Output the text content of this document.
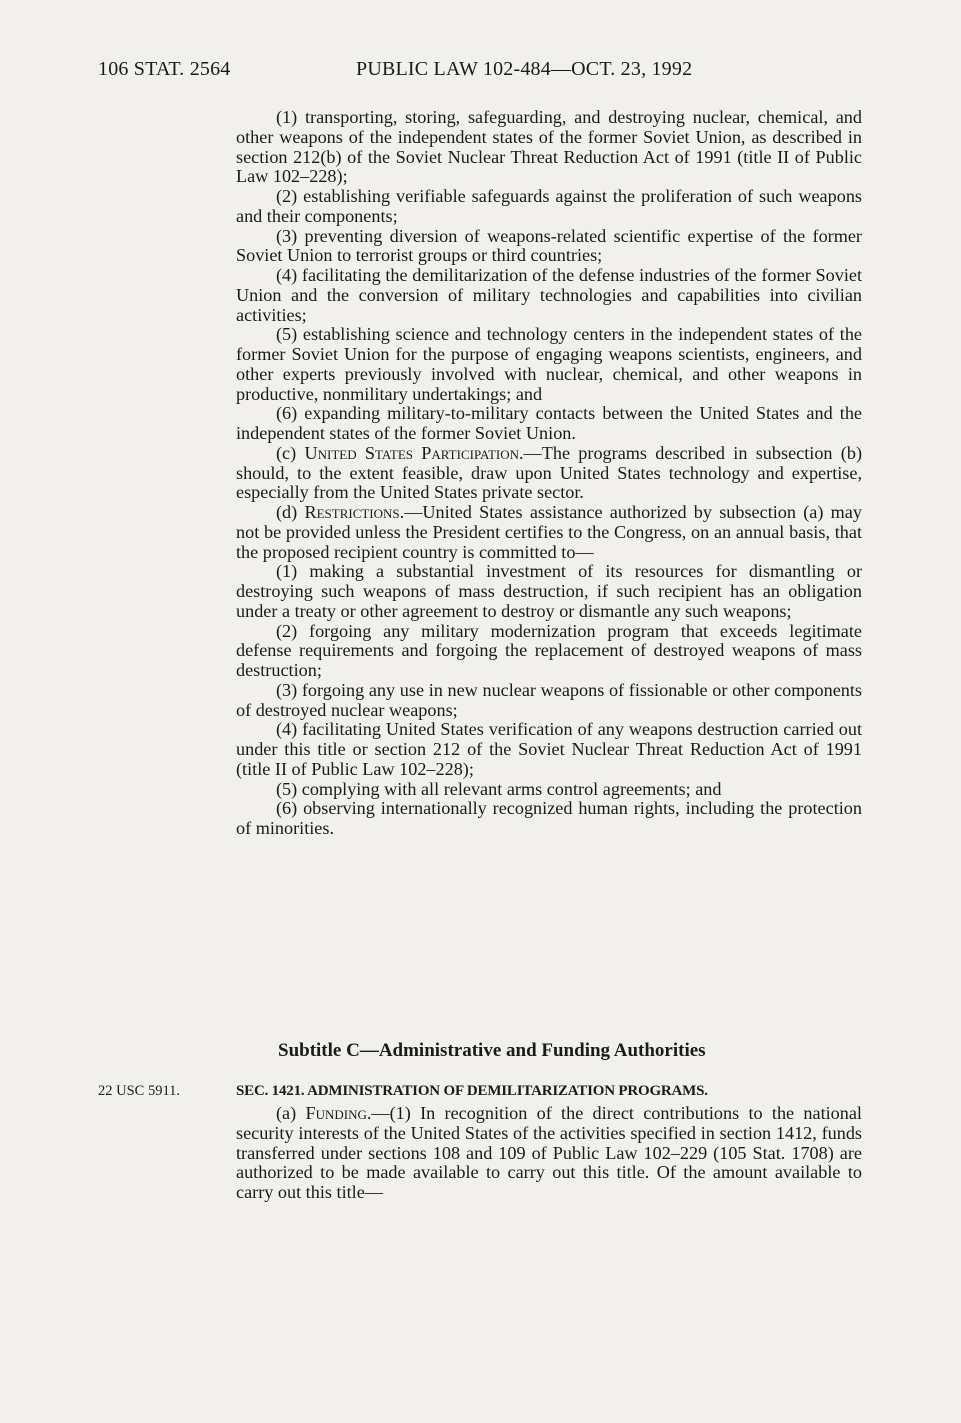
106 STAT. 2564	PUBLIC LAW 102-484—OCT. 23, 1992

(1) transporting, storing, safeguarding, and destroying nuclear, chemical, and other weapons of the independent states of the former Soviet Union, as described in section 212(b) of the Soviet Nuclear Threat Reduction Act of 1991 (title II of Public Law 102–228);

(2) establishing verifiable safeguards against the proliferation of such weapons and their components;

(3) preventing diversion of weapons-related scientific expertise of the former Soviet Union to terrorist groups or third countries;

(4) facilitating the demilitarization of the defense industries of the former Soviet Union and the conversion of military technologies and capabilities into civilian activities;

(5) establishing science and technology centers in the independent states of the former Soviet Union for the purpose of engaging weapons scientists, engineers, and other experts previously involved with nuclear, chemical, and other weapons in productive, nonmilitary undertakings; and

(6) expanding military-to-military contacts between the United States and the independent states of the former Soviet Union.

(c) United States Participation.—The programs described in subsection (b) should, to the extent feasible, draw upon United States technology and expertise, especially from the United States private sector.

(d) Restrictions.—United States assistance authorized by subsection (a) may not be provided unless the President certifies to the Congress, on an annual basis, that the proposed recipient country is committed to—

(1) making a substantial investment of its resources for dismantling or destroying such weapons of mass destruction, if such recipient has an obligation under a treaty or other agreement to destroy or dismantle any such weapons;

(2) forgoing any military modernization program that exceeds legitimate defense requirements and forgoing the replacement of destroyed weapons of mass destruction;

(3) forgoing any use in new nuclear weapons of fissionable or other components of destroyed nuclear weapons;

(4) facilitating United States verification of any weapons destruction carried out under this title or section 212 of the Soviet Nuclear Threat Reduction Act of 1991 (title II of Public Law 102–228);

(5) complying with all relevant arms control agreements; and

(6) observing internationally recognized human rights, including the protection of minorities.

Subtitle C—Administrative and Funding Authorities
22 USC 5911.	SEC. 1421. ADMINISTRATION OF DEMILITARIZATION PROGRAMS.

(a) Funding.—(1) In recognition of the direct contributions to the national security interests of the United States of the activities specified in section 1412, funds transferred under sections 108 and 109 of Public Law 102–229 (105 Stat. 1708) are authorized to be made available to carry out this title. Of the amount available to carry out this title—
